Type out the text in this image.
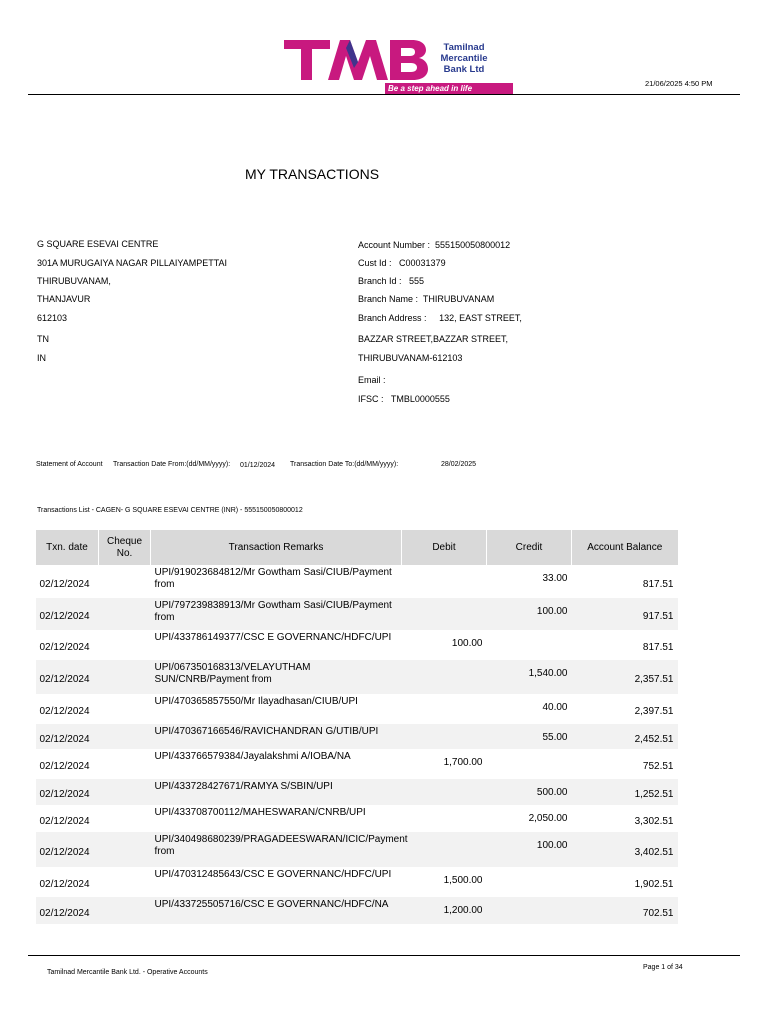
Tamilnad
Mercantile
Bank Ltd
Be a step ahead in life
21/06/2025 4:50 PM
MY TRANSACTIONS
G SQUARE ESEVAI CENTRE
301A MURUGAIYA NAGAR PILLAIYAMPETTAI
THIRUBUVANAM,
THANJAVUR
612103
TN
IN
Account Number : 555150050800012
Cust Id : C00031379
Branch Id : 555
Branch Name : THIRUBUVANAM
Branch Address : 132, EAST STREET,
BAZZAR STREET,BAZZAR STREET,
THIRUBUVANAM-612103
Email :
IFSC : TMBL0000555
Statement of Account Transaction Date From:(dd/MM/yyyy): 01/12/2024 Transaction Date To:(dd/MM/yyyy):	28/02/2025
Transactions List - CAGEN- G SQUARE ESEVAI CENTRE (INR) - 555150050800012
Txn. date	Cheque No.	Transaction Remarks	Debit	Credit	Account Balance
02/12/2024		UPI/919023684812/Mr Gowtham Sasi/CIUB/Payment from		33.00	817.51
02/12/2024		UPI/797239838913/Mr Gowtham Sasi/CIUB/Payment from		100.00	917.51
02/12/2024		UPI/433786149377/CSC E GOVERNANC/HDFC/UPI	100.00		817.51
02/12/2024		UPI/067350168313/VELAYUTHAM SUN/CNRB/Payment from		1,540.00	2,357.51
02/12/2024		UPI/470365857550/Mr Ilayadhasan/CIUB/UPI		40.00	2,397.51
02/12/2024		UPI/470367166546/RAVICHANDRAN G/UTIB/UPI		55.00	2,452.51
02/12/2024		UPI/433766579384/Jayalakshmi A/IOBA/NA	1,700.00		752.51
02/12/2024		UPI/433728427671/RAMYA S/SBIN/UPI		500.00	1,252.51
02/12/2024		UPI/433708700112/MAHESWARAN/CNRB/UPI		2,050.00	3,302.51
02/12/2024		UPI/340498680239/PRAGADEESWARAN/ICIC/Payment from		100.00	3,402.51
02/12/2024		UPI/470312485643/CSC E GOVERNANC/HDFC/UPI	1,500.00		1,902.51
02/12/2024		UPI/433725505716/CSC E GOVERNANC/HDFC/NA	1,200.00		702.51
Tamilnad Mercantile Bank Ltd. - Operative Accounts
Page 1 of 34
